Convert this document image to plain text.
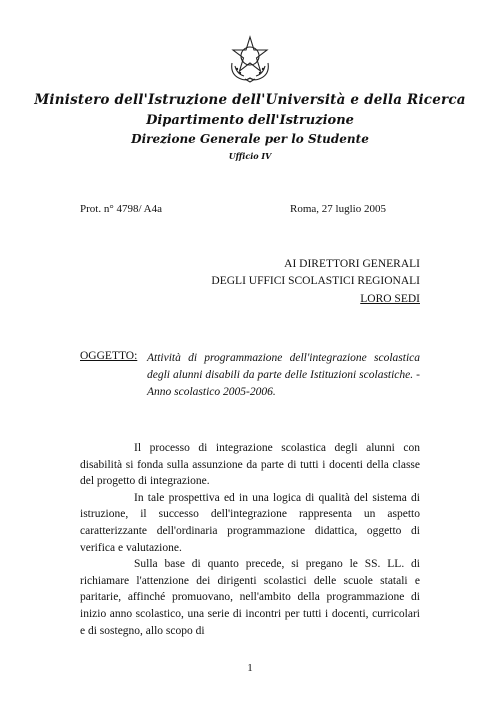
Ministero dell'Istruzione dell'Università e della Ricerca
Dipartimento dell'Istruzione
Direzione Generale per lo Studente
Ufficio IV
Prot. n° 4798/ A4a	Roma, 27 luglio 2005
AI DIRETTORI GENERALI
DEGLI UFFICI SCOLASTICI REGIONALI
LORO SEDI
OGGETTO: Attività di programmazione dell'integrazione scolastica degli alunni disabili da parte delle Istituzioni scolastiche. - Anno scolastico 2005-2006.

Il processo di integrazione scolastica degli alunni con disabilità si fonda sulla assunzione da parte di tutti i docenti della classe del progetto di integrazione.

In tale prospettiva ed in una logica di qualità del sistema di istruzione, il successo dell'integrazione rappresenta un aspetto caratterizzante dell'ordinaria programmazione didattica, oggetto di verifica e valutazione.

Sulla base di quanto precede, si pregano le SS. LL. di richiamare l'attenzione dei dirigenti scolastici delle scuole statali e paritarie, affinché promuovano, nell'ambito della programmazione di inizio anno scolastico, una serie di incontri per tutti i docenti, curricolari e di sostegno, allo scopo di

1
